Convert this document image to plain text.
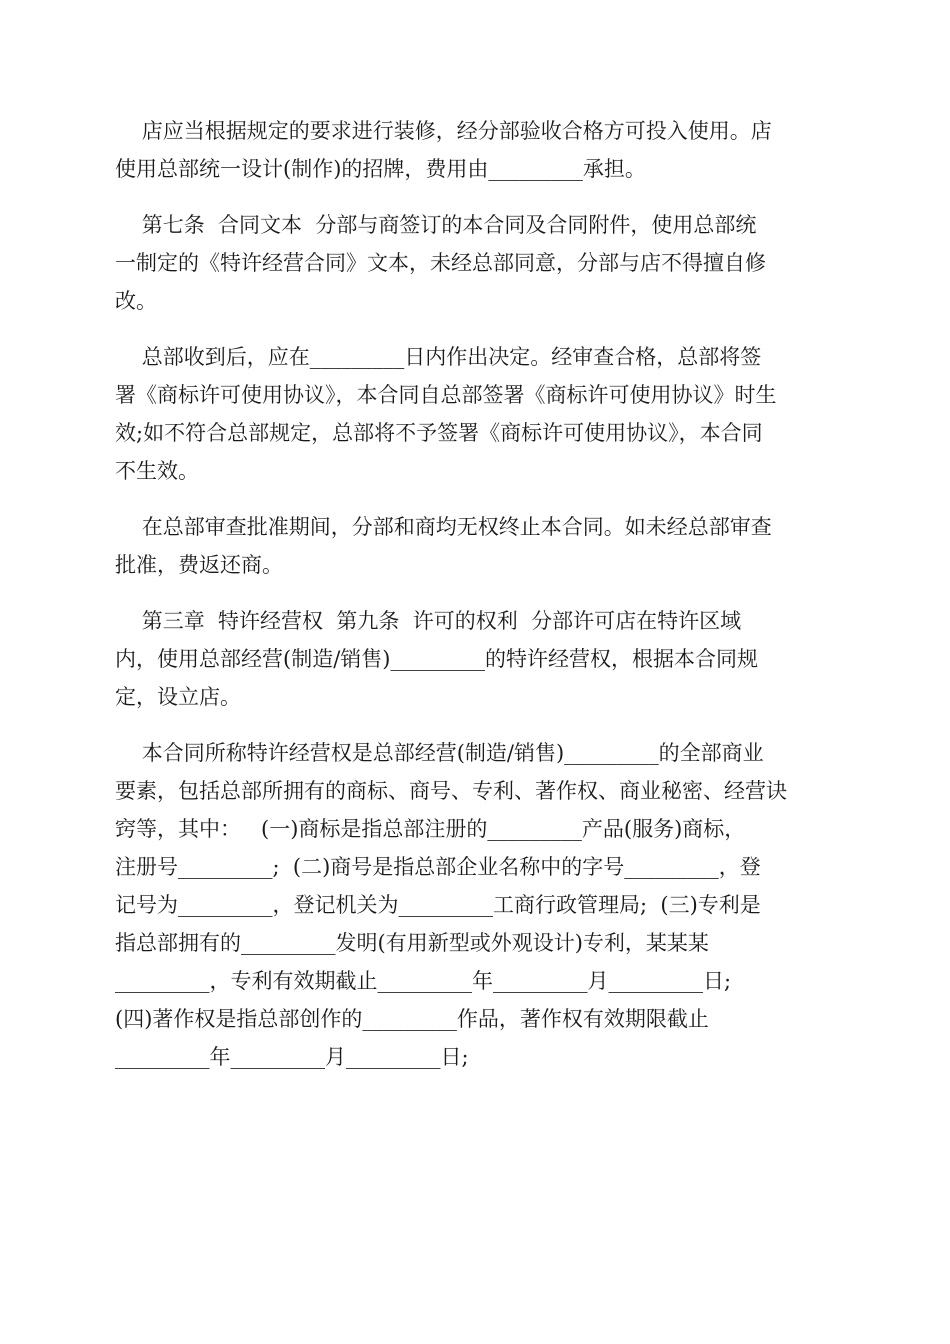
店应当根据规定的要求进行装修，经分部验收合格方可投入使用。店
使用总部统一设计(制作)的招牌，费用由_________承担。
第七条  合同文本  分部与商签订的本合同及合同附件，使用总部统
一制定的《特许经营合同》文本，未经总部同意，分部与店不得擅自修
改。
总部收到后，应在_________日内作出决定。经审查合格，总部将签
署《商标许可使用协议》，本合同自总部签署《商标许可使用协议》时生
效;如不符合总部规定，总部将不予签署《商标许可使用协议》，本合同
不生效。
在总部审查批准期间，分部和商均无权终止本合同。如未经总部审查
批准，费返还商。
第三章  特许经营权  第九条  许可的权利  分部许可店在特许区域
内，使用总部经营(制造/销售)_________的特许经营权，根据本合同规
定，设立店。
本合同所称特许经营权是总部经营(制造/销售)_________的全部商业
要素，包括总部所拥有的商标、商号、专利、著作权、商业秘密、经营诀
窍等，其中：   (一)商标是指总部注册的_________产品(服务)商标，
注册号_________;  (二)商号是指总部企业名称中的字号_________，登
记号为_________，登记机关为_________工商行政管理局;  (三)专利是
指总部拥有的_________发明(有用新型或外观设计)专利，某某某
_________，专利有效期截止_________年_________月_________日;
(四)著作权是指总部创作的_________作品，著作权有效期限截止
_________年_________月_________日;
